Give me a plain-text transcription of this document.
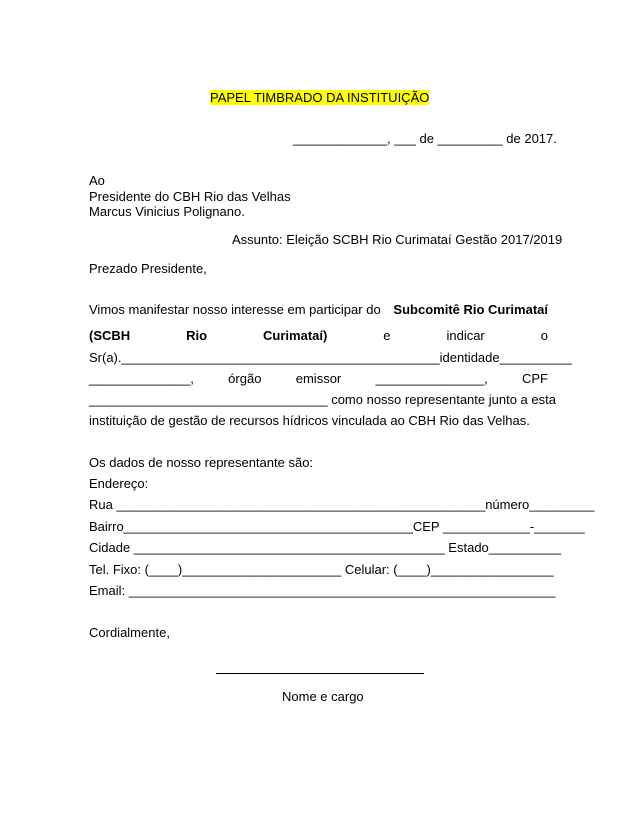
PAPEL TIMBRADO DA INSTITUIÇÃO
_____________, ___ de _________ de 2017.
Ao
Presidente do CBH Rio das Velhas
Marcus Vinicius Polignano.
Assunto: Eleição SCBH Rio Curimataí Gestão 2017/2019
Prezado Presidente,
Vimos manifestar nosso interesse em participar do Subcomitê Rio Curimataí
(SCBH	Rio	Curimataí)	e	indicar	o
Sr(a).____________________________________________identidade__________
______________,	órgão	emissor	_______________,	CPF
_________________________________ como nosso representante junto a esta
instituição de gestão de recursos hídricos vinculada ao CBH Rio das Velhas.
Os dados de nosso representante são:
Endereço:
Rua ___________________________________________________número_________
Bairro________________________________________CEP ____________-_______
Cidade ___________________________________________ Estado__________
Tel. Fixo: (____)______________________ Celular: (____)_________________
Email: ___________________________________________________________
Cordialmente,
Nome e cargo
